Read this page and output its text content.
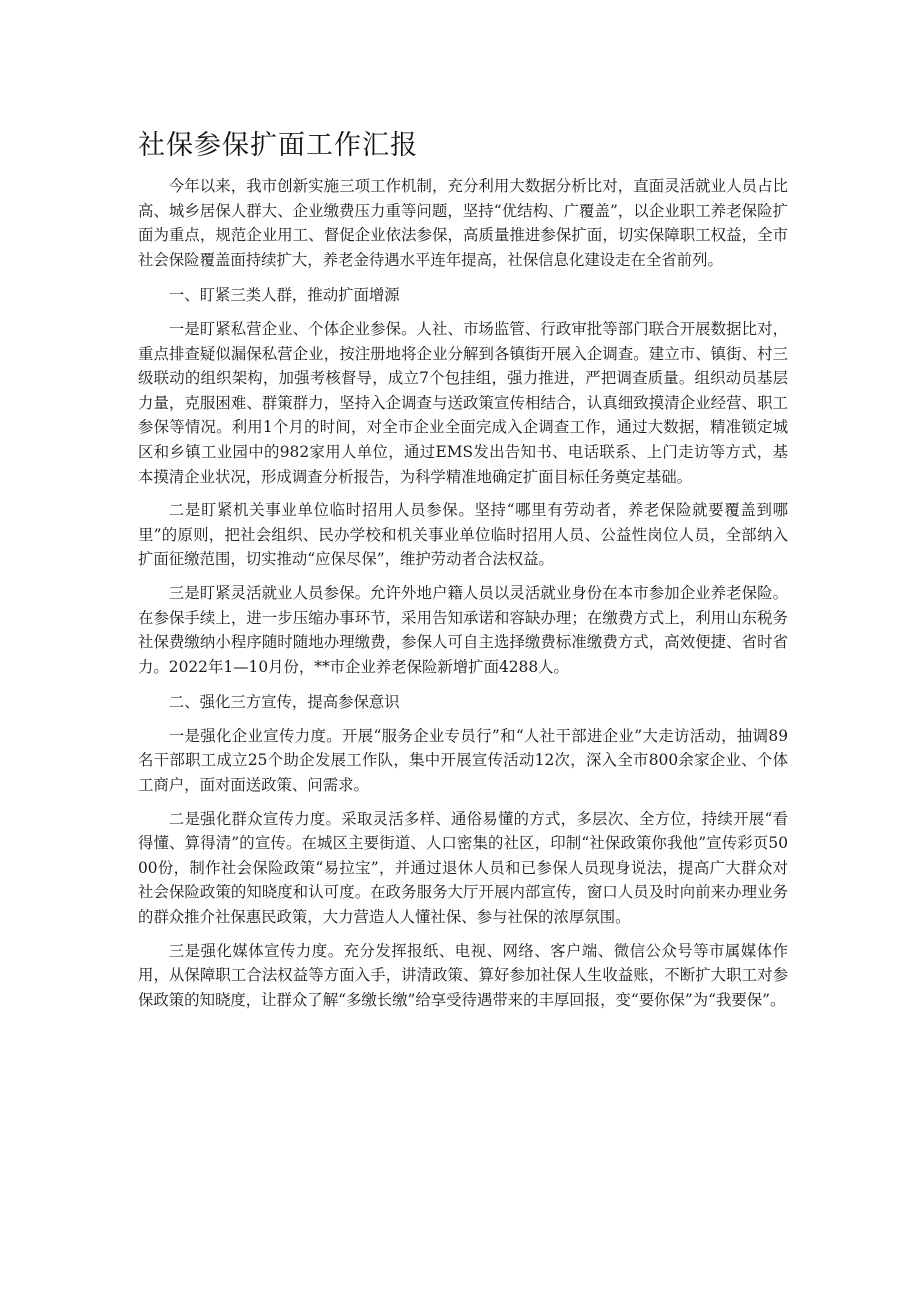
社保参保扩面工作汇报

今年以来，我市创新实施三项工作机制，充分利用大数据分析比对，直面灵活就业人员占比高、城乡居保人群大、企业缴费压力重等问题，坚持“优结构、广覆盖”，以企业职工养老保险扩面为重点，规范企业用工、督促企业依法参保，高质量推进参保扩面，切实保障职工权益，全市社会保险覆盖面持续扩大，养老金待遇水平连年提高，社保信息化建设走在全省前列。

一、盯紧三类人群，推动扩面增源

一是盯紧私营企业、个体企业参保。人社、市场监管、行政审批等部门联合开展数据比对，重点排查疑似漏保私营企业，按注册地将企业分解到各镇街开展入企调查。建立市、镇街、村三级联动的组织架构，加强考核督导，成立7个包挂组，强力推进，严把调查质量。组织动员基层力量，克服困难、群策群力，坚持入企调查与送政策宣传相结合，认真细致摸清企业经营、职工参保等情况。利用1个月的时间，对全市企业全面完成入企调查工作，通过大数据，精准锁定城区和乡镇工业园中的982家用人单位，通过EMS发出告知书、电话联系、上门走访等方式，基本摸清企业状况，形成调查分析报告，为科学精准地确定扩面目标任务奠定基础。

二是盯紧机关事业单位临时招用人员参保。坚持“哪里有劳动者，养老保险就要覆盖到哪里”的原则，把社会组织、民办学校和机关事业单位临时招用人员、公益性岗位人员，全部纳入扩面征缴范围，切实推动“应保尽保”，维护劳动者合法权益。

三是盯紧灵活就业人员参保。允许外地户籍人员以灵活就业身份在本市参加企业养老保险。在参保手续上，进一步压缩办事环节，采用告知承诺和容缺办理；在缴费方式上，利用山东税务社保费缴纳小程序随时随地办理缴费，参保人可自主选择缴费标准缴费方式，高效便捷、省时省力。2022年1—10月份，**市企业养老保险新增扩面4288人。

二、强化三方宣传，提高参保意识

一是强化企业宣传力度。开展“服务企业专员行”和“人社干部进企业”大走访活动，抽调89名干部职工成立25个助企发展工作队，集中开展宣传活动12次，深入全市800余家企业、个体工商户，面对面送政策、问需求。

二是强化群众宣传力度。采取灵活多样、通俗易懂的方式，多层次、全方位，持续开展“看得懂、算得清”的宣传。在城区主要街道、人口密集的社区，印制“社保政策你我他”宣传彩页5000份，制作社会保险政策“易拉宝”，并通过退休人员和已参保人员现身说法，提高广大群众对社会保险政策的知晓度和认可度。在政务服务大厅开展内部宣传，窗口人员及时向前来办理业务的群众推介社保惠民政策，大力营造人人懂社保、参与社保的浓厚氛围。

三是强化媒体宣传力度。充分发挥报纸、电视、网络、客户端、微信公众号等市属媒体作用，从保障职工合法权益等方面入手，讲清政策、算好参加社保人生收益账，不断扩大职工对参保政策的知晓度，让群众了解“多缴长缴”给享受待遇带来的丰厚回报，变“要你保”为“我要保”。
